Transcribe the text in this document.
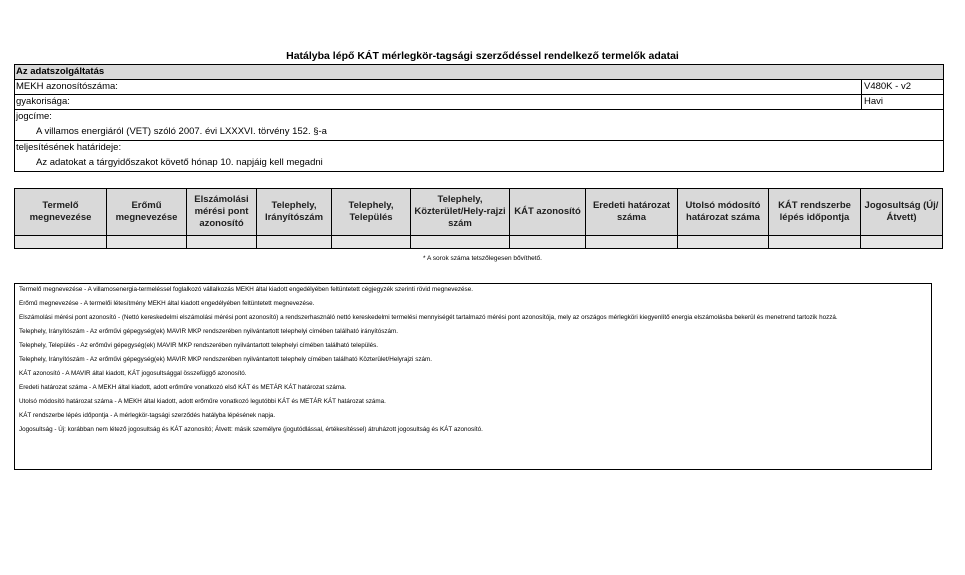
Hatályba lépő KÁT mérlegkör-tagsági szerződéssel rendelkező termelők adatai
Az adatszolgáltatás
MEKH azonosítószáma:	V480K - v2
gyakorisága:	Havi
jogcíme:
A villamos energiáról (VET) szóló 2007. évi LXXXVI. törvény 152. §-a
teljesítésének határideje:
Az adatokat a tárgyidőszakot követő hónap 10. napjáig kell megadni
Termelő megnevezése	Erőmű megnevezése	Elszámolási mérési pont azonosító	Telephely, Irányítószám	Telephely, Település	Telephely, Közterület/Hely-rajzi szám	KÁT azonosító	Eredeti határozat száma	Utolsó módosító határozat száma	KÁT rendszerbe lépés időpontja	Jogosultság (Új/Átvett)

* A sorok száma tetszőlegesen bővíthető.

Termelő megnevezése - A villamosenergia-termeléssel foglalkozó vállalkozás MEKH által kiadott engedélyében feltüntetett cégjegyzék szerinti rövid megnevezése.

Erőmű megnevezése - A termelői létesítmény MEKH által kiadott engedélyében feltüntetett megnevezése.

Elszámolási mérési pont azonosító - (Nettó kereskedelmi elszámolási mérési pont azonosító) a rendszerhasználó nettó kereskedelmi termelési mennyiségét tartalmazó mérési pont azonosítója, mely az országos mérlegköri kiegyenlítő energia elszámolásba bekerül és menetrend tartozik hozzá.

Telephely, Irányítószám - Az erőművi gépegység(ek) MAVIR MKP rendszerében nyilvántartott telephelyi címében található irányítószám.

Telephely, Település - Az erőművi gépegység(ek) MAVIR MKP rendszerében nyilvántartott telephelyi címében található település.

Telephely, Irányítószám - Az erőművi gépegység(ek) MAVIR MKP rendszerében nyilvántartott telephely címében található Közterület/Helyrajzi szám.

KÁT azonosító - A MAVIR által kiadott, KÁT jogosultsággal összefüggő azonosító.

Eredeti határozat száma - A MEKH által kiadott, adott erőműre vonatkozó első KÁT és METÁR KÁT határozat száma.

Utolsó módosító határozat száma - A MEKH által kiadott, adott erőműre vonatkozó legutóbbi KÁT és METÁR KÁT határozat száma.

KÁT rendszerbe lépés időpontja - A mérlegkör-tagsági szerződés hatályba lépésének napja.

Jogosultság - Új: korábban nem létező jogosultság és KÁT azonosító; Átvett: másik személyre (jogutódlással, értékesítéssel) átruházott jogosultság és KÁT azonosító.
